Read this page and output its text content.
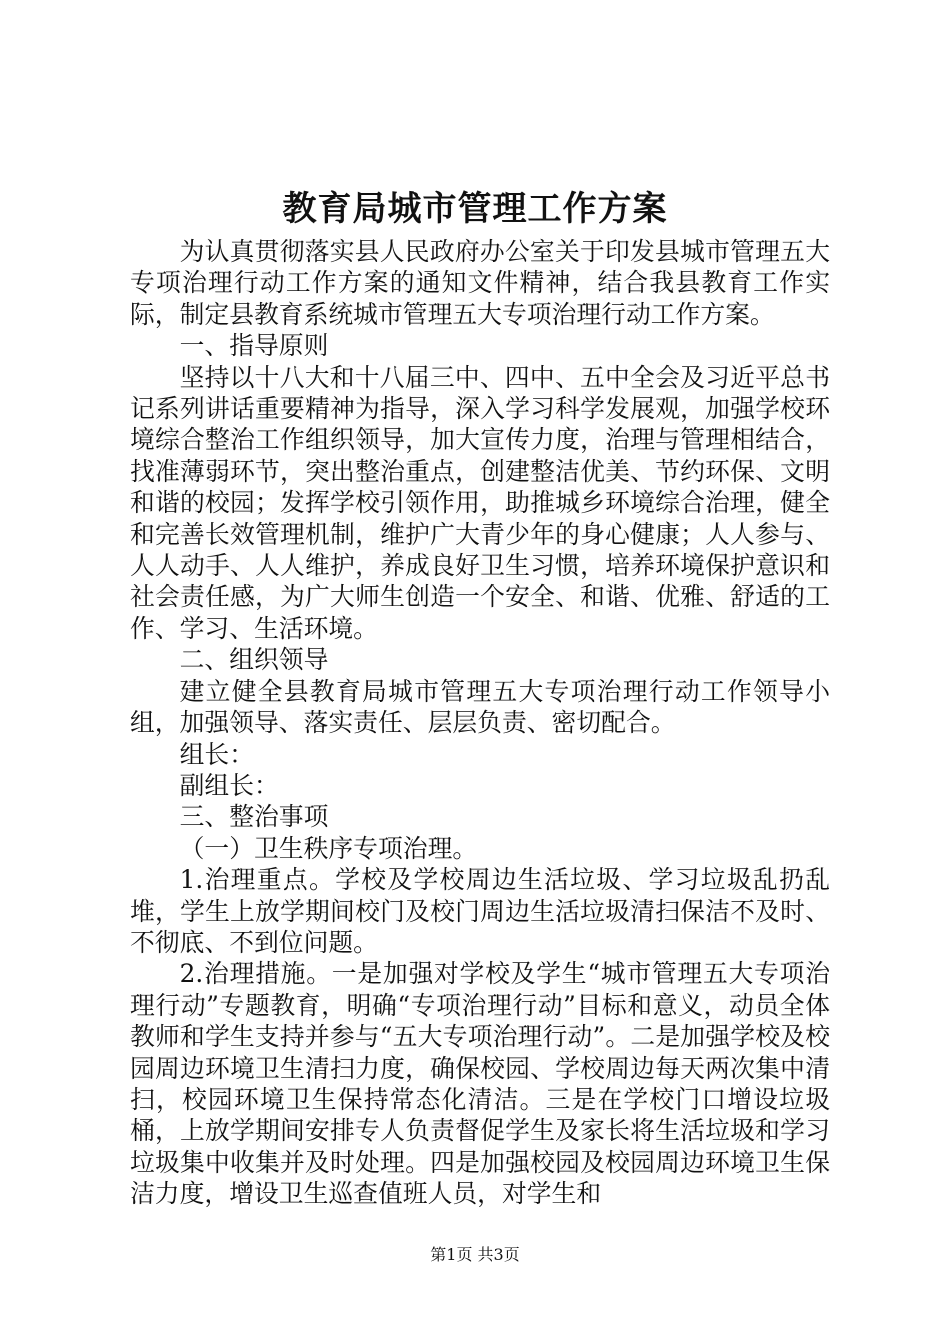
教育局城市管理工作方案

为认真贯彻落实县人民政府办公室关于印发县城市管理五大专项治理行动工作方案的通知文件精神，结合我县教育工作实际，制定县教育系统城市管理五大专项治理行动工作方案。

一、指导原则

坚持以十八大和十八届三中、四中、五中全会及习近平总书记系列讲话重要精神为指导，深入学习科学发展观，加强学校环境综合整治工作组织领导，加大宣传力度，治理与管理相结合，找准薄弱环节，突出整治重点，创建整洁优美、节约环保、文明和谐的校园；发挥学校引领作用，助推城乡环境综合治理，健全和完善长效管理机制，维护广大青少年的身心健康；人人参与、人人动手、人人维护，养成良好卫生习惯，培养环境保护意识和社会责任感，为广大师生创造一个安全、和谐、优雅、舒适的工作、学习、生活环境。

二、组织领导

建立健全县教育局城市管理五大专项治理行动工作领导小组，加强领导、落实责任、层层负责、密切配合。

组长：

副组长：

三、整治事项

（一）卫生秩序专项治理。

1.治理重点。学校及学校周边生活垃圾、学习垃圾乱扔乱堆，学生上放学期间校门及校门周边生活垃圾清扫保洁不及时、不彻底、不到位问题。

2.治理措施。一是加强对学校及学生“城市管理五大专项治理行动”专题教育，明确“专项治理行动”目标和意义，动员全体教师和学生支持并参与“五大专项治理行动”。二是加强学校及校园周边环境卫生清扫力度，确保校园、学校周边每天两次集中清扫，校园环境卫生保持常态化清洁。三是在学校门口增设垃圾桶，上放学期间安排专人负责督促学生及家长将生活垃圾和学习垃圾集中收集并及时处理。四是加强校园及校园周边环境卫生保洁力度，增设卫生巡查值班人员，对学生和

第1页 共3页
